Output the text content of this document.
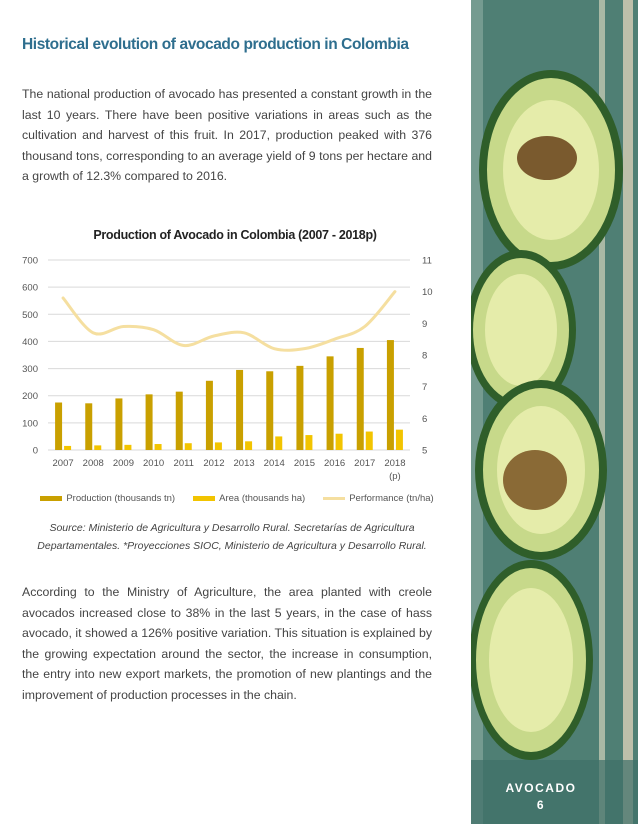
Historical evolution of avocado production in Colombia
The national production of avocado has presented a constant growth in the last 10 years. There have been positive variations in areas such as the cultivation and harvest of this fruit. In 2017, production peaked with 376 thousand tons, corresponding to an average yield of 9 tons per hectare and a growth of 12.3% compared to 2016.
Production of Avocado in Colombia (2007 - 2018p)
0
100
200
300
400
500
600
700
5
6
7
8
9
10
11
2007 2008 2009 2010 2011 2012 2013 2014 2015 2016 2017 2018
(p)
Production (thousands tn)	Area (thousands ha)	Performance (tn/ha)
Source: Ministerio de Agricultura y Desarrollo Rural. Secretarías de Agricultura Departamentales. *Proyecciones SIOC, Ministerio de Agricultura y Desarrollo Rural.
According to the Ministry of Agriculture, the area planted with creole avocados increased close to 38% in the last 5 years, in the case of hass avocado, it showed a 126% positive variation. This situation is explained by the growing expectation around the sector, the increase in consumption, the entry into new export markets, the promotion of new plantings and the improvement of production processes in the chain.
AVOCADO
6
